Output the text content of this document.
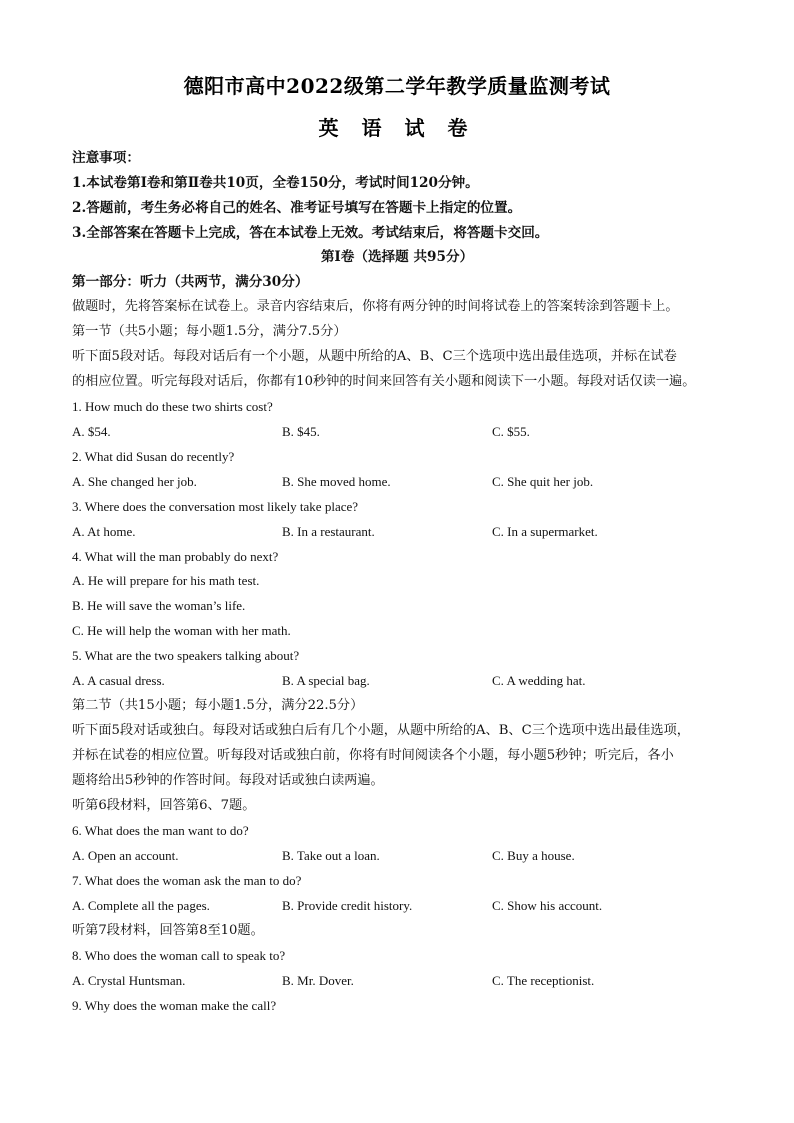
德阳市高中2022级第二学年教学质量监测考试
英 语 试 卷
注意事项：
1.本试卷第Ⅰ卷和第Ⅱ卷共10页，全卷150分，考试时间120分钟。
2.答题前，考生务必将自己的姓名、准考证号填写在答题卡上指定的位置。
3.全部答案在答题卡上完成，答在本试卷上无效。考试结束后，将答题卡交回。
第Ⅰ卷（选择题 共95分）
第一部分：听力（共两节，满分30分）
做题时，先将答案标在试卷上。录音内容结束后，你将有两分钟的时间将试卷上的答案转涂到答题卡上。
第一节（共5小题；每小题1.5分，满分7.5分）
听下面5段对话。每段对话后有一个小题，从题中所给的A、B、C三个选项中选出最佳选项，并标在试卷
的相应位置。听完每段对话后，你都有10秒钟的时间来回答有关小题和阅读下一小题。每段对话仅读一遍。
1. How much do these two shirts cost?
A. $54.	B. $45.	C. $55.
2. What did Susan do recently?
A. She changed her job.	B. She moved home.	C. She quit her job.
3. Where does the conversation most likely take place?
A. At home.	B. In a restaurant.	C. In a supermarket.
4. What will the man probably do next?
A. He will prepare for his math test.
B. He will save the woman’s life.
C. He will help the woman with her math.
5. What are the two speakers talking about?
A. A casual dress.	B. A special bag.	C. A wedding hat.
第二节（共15小题；每小题1.5分，满分22.5分）
听下面5段对话或独白。每段对话或独白后有几个小题，从题中所给的A、B、C三个选项中选出最佳选项，
并标在试卷的相应位置。听每段对话或独白前，你将有时间阅读各个小题，每小题5秒钟；听完后，各小
题将给出5秒钟的作答时间。每段对话或独白读两遍。
听第6段材料，回答第6、7题。
6. What does the man want to do?
A. Open an account.	B. Take out a loan.	C. Buy a house.
7. What does the woman ask the man to do?
A. Complete all the pages.	B. Provide credit history.	C. Show his account.
听第7段材料，回答第8至10题。
8. Who does the woman call to speak to?
A. Crystal Huntsman.	B. Mr. Dover.	C. The receptionist.
9. Why does the woman make the call?
